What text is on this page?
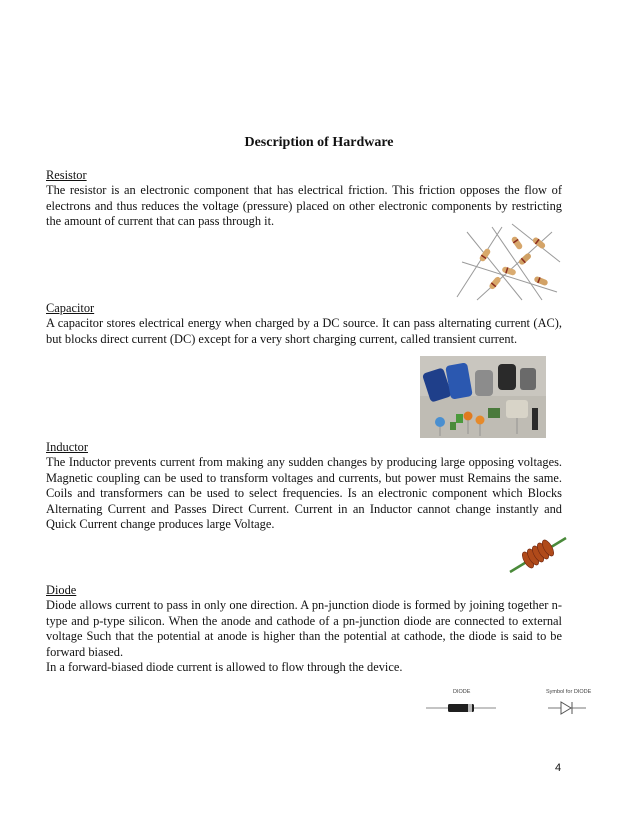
Description of Hardware
Resistor

The resistor is an electronic component that has electrical friction. This friction opposes the flow of electrons and thus reduces the voltage (pressure) placed on other electronic components by restricting the amount of current that can pass through it.

Capacitor

A capacitor stores electrical energy when charged by a DC source. It can pass alternating current (AC), but blocks direct current (DC) except for a very short charging current, called transient current.

Inductor

The Inductor prevents current from making any sudden changes by producing large opposing voltages. Magnetic coupling can be used to transform voltages and currents, but power must Remains the same. Coils and transformers can be used to select frequencies. Is an electronic component which Blocks Alternating Current and Passes Direct Current. Current in an Inductor cannot change instantly and Quick Current change produces large Voltage.

Diode

Diode allows current to pass in only one direction. A pn-junction diode is formed by joining together n-type and p-type silicon. When the anode and cathode of a pn-junction diode are connected to external voltage Such that the potential at anode is higher than the potential at cathode, the diode is said to be forward biased.

In a forward-biased diode current is allowed to flow through the device.

DIODE	Symbol for DIODE
4
